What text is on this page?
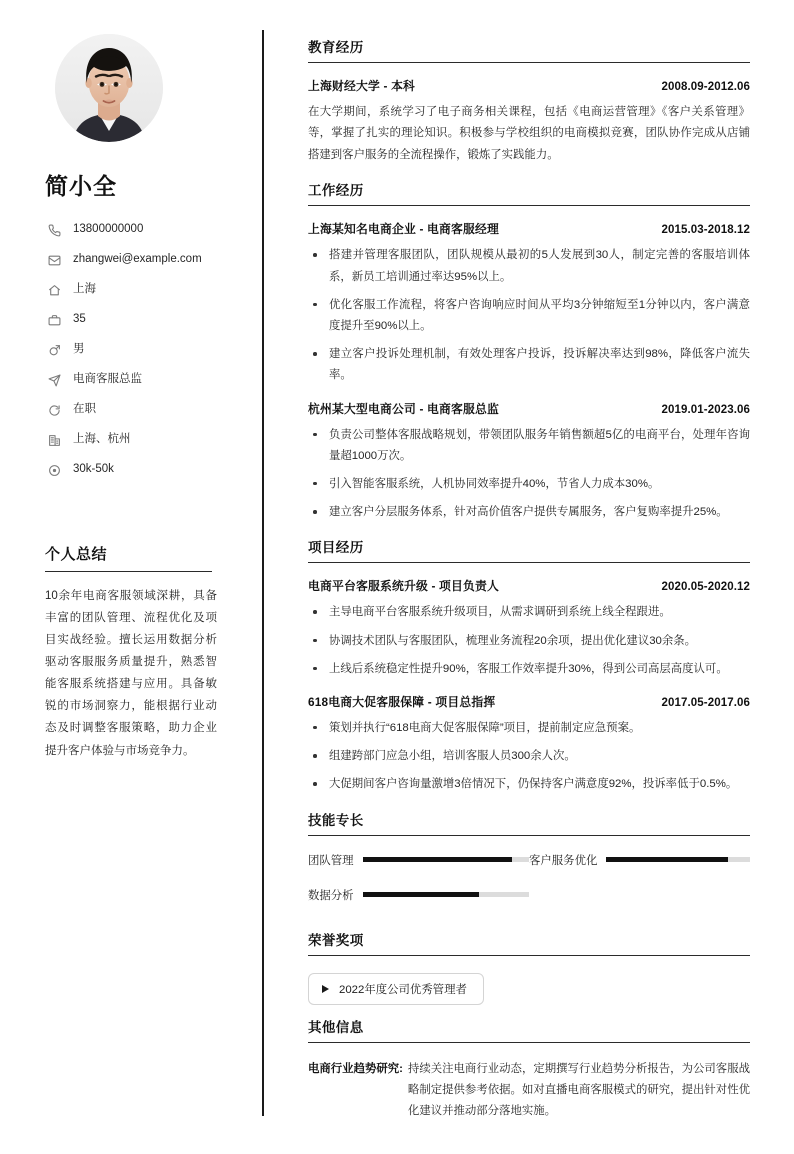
简小全
13800000000
zhangwei@example.com
上海
35
男
电商客服总监
在职
上海、杭州
30k-50k
个人总结

10余年电商客服领域深耕，具备丰富的团队管理、流程优化及项目实战经验。擅长运用数据分析驱动客服服务质量提升，熟悉智能客服系统搭建与应用。具备敏锐的市场洞察力，能根据行业动态及时调整客服策略，助力企业提升客户体验与市场竞争力。

教育经历
上海财经大学 - 本科	2008.09-2012.06

在大学期间，系统学习了电子商务相关课程，包括《电商运营管理》《客户关系管理》等，掌握了扎实的理论知识。积极参与学校组织的电商模拟竞赛，团队协作完成从店铺搭建到客户服务的全流程操作，锻炼了实践能力。

工作经历
上海某知名电商企业 - 电商客服经理	2015.03-2018.12
搭建并管理客服团队，团队规模从最初的5人发展到30人，制定完善的客服培训体系，新员工培训通过率达95%以上。
优化客服工作流程，将客户咨询响应时间从平均3分钟缩短至1分钟以内，客户满意度提升至90%以上。
建立客户投诉处理机制，有效处理客户投诉，投诉解决率达到98%，降低客户流失率。
杭州某大型电商公司 - 电商客服总监	2019.01-2023.06
负责公司整体客服战略规划，带领团队服务年销售额超5亿的电商平台，处理年咨询量超1000万次。
引入智能客服系统，人机协同效率提升40%，节省人力成本30%。
建立客户分层服务体系，针对高价值客户提供专属服务，客户复购率提升25%。
项目经历
电商平台客服系统升级 - 项目负责人	2020.05-2020.12
主导电商平台客服系统升级项目，从需求调研到系统上线全程跟进。
协调技术团队与客服团队，梳理业务流程20余项，提出优化建议30余条。
上线后系统稳定性提升90%，客服工作效率提升30%，得到公司高层高度认可。
618电商大促客服保障 - 项目总指挥	2017.05-2017.06
策划并执行“618电商大促客服保障”项目，提前制定应急预案。
组建跨部门应急小组，培训客服人员300余人次。
大促期间客户咨询量激增3倍情况下，仍保持客户满意度92%，投诉率低于0.5%。
技能专长
团队管理	客户服务优化
数据分析
荣誉奖项
2022年度公司优秀管理者
其他信息
电商行业趋势研究: 持续关注电商行业动态，定期撰写行业趋势分析报告，为公司客服战略制定提供参考依据。如对直播电商客服模式的研究，提出针对性优化建议并推动部分落地实施。
